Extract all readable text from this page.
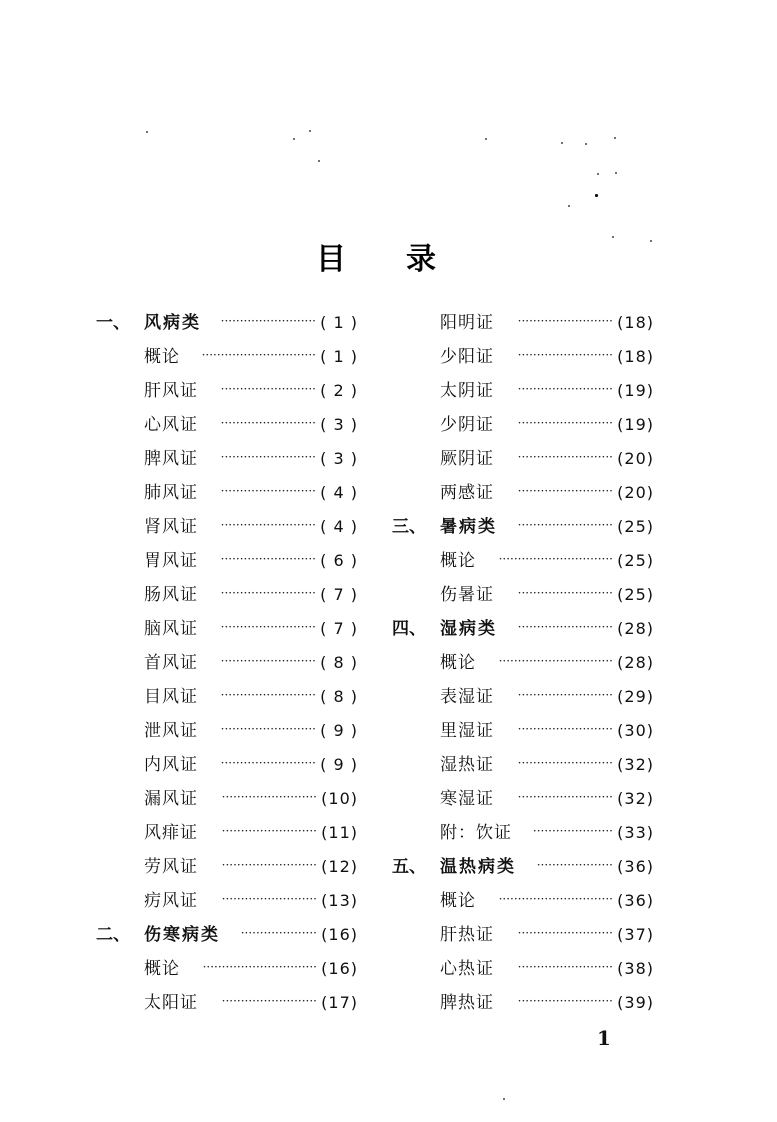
目 录
一、 风病类	························· ( 1 )
概论	······························ ( 1 )
肝风证	························· ( 2 )
心风证	························· ( 3 )
脾风证	························· ( 3 )
肺风证	························· ( 4 )
肾风证	························· ( 4 )
胃风证	························· ( 6 )
肠风证	························· ( 7 )
脑风证	························· ( 7 )
首风证	························· ( 8 )
目风证	························· ( 8 )
泄风证	························· ( 9 )
内风证	························· ( 9 )
漏风证	························· (10)
风痱证	························· (11)
劳风证	························· (12)
疠风证	························· (13)
二、 伤寒病类	···················· (16)
概论	······························ (16)
太阳证	························· (17)
阳明证	························· (18)
少阳证	························· (18)
太阴证	························· (19)
少阴证	························· (19)
厥阴证	························· (20)
两感证	························· (20)
三、 暑病类	························· (25)
概论	······························ (25)
伤暑证	························· (25)
四、 湿病类	························· (28)
概论	······························ (28)
表湿证	························· (29)
里湿证	························· (30)
湿热证	························· (32)
寒湿证	························· (32)
附：饮证	····················· (33)
五、 温热病类	···················· (36)
概论	······························ (36)
肝热证	························· (37)
心热证	························· (38)
脾热证	························· (39)
1
